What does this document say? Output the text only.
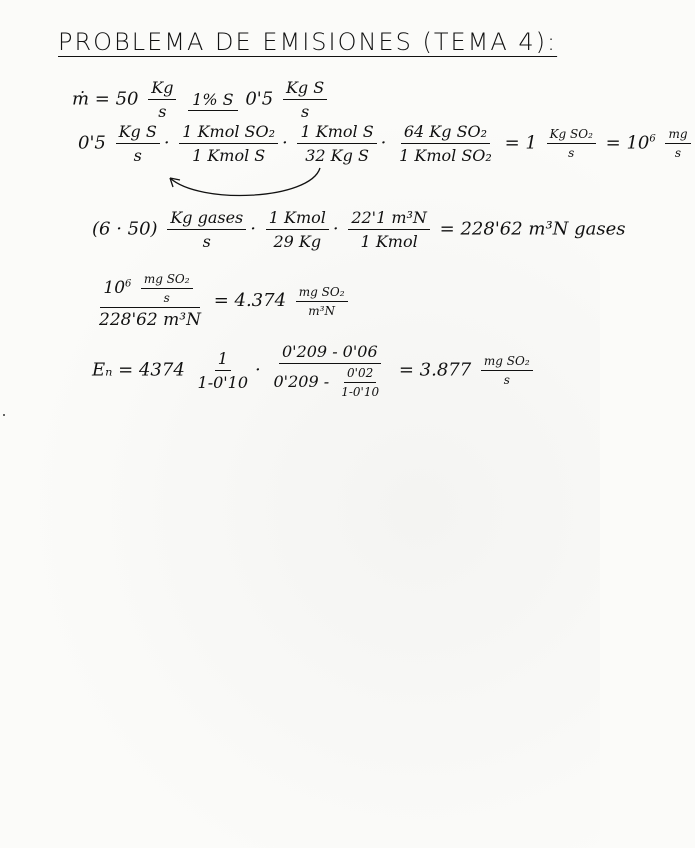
PROBLEMA DE EMISIONES (TEMA 4):
ṁ = $50 \frac{Kg}{s} 1\%$ S $0'5 \frac{\text{Kg S}}{s}$
$0'5 \frac{\text{Kg S}}{s} \cdot \frac{\text{1 Kmol SO₂}}{\text{1 Kmol S}} \cdot \frac{\text{1 Kmol S}}{\text{32 Kg S}} \cdot \frac{\text{64 Kg SO₂}}{\text{1 Kmol SO₂}} = 1 \frac{\text{Kg SO₂}}{s} = 10^6 \frac{mg}{s}$
$(6 \cdot 50) \frac{\text{Kg gases}}{s} \cdot \frac{\text{1 Kmol}}{29 Kg} \cdot \frac{\text{22'1 m³N}}{\text{1 Kmol}} = 228'62$ m³N gases
$\frac{10^6 \frac{\text{mg SO₂}}{s}}{\text{228'62 m³N}} = 4.374 \frac{\text{mg SO₂}}{\text{m³N}}$
$E_n = 4374 \frac{1}{1-0'10} \cdot \frac{0'209 - 0'06}{0'209 - \frac{0'02}{1-0'10}} = 3.877 \frac{\text{mg SO₂}}{s}$
